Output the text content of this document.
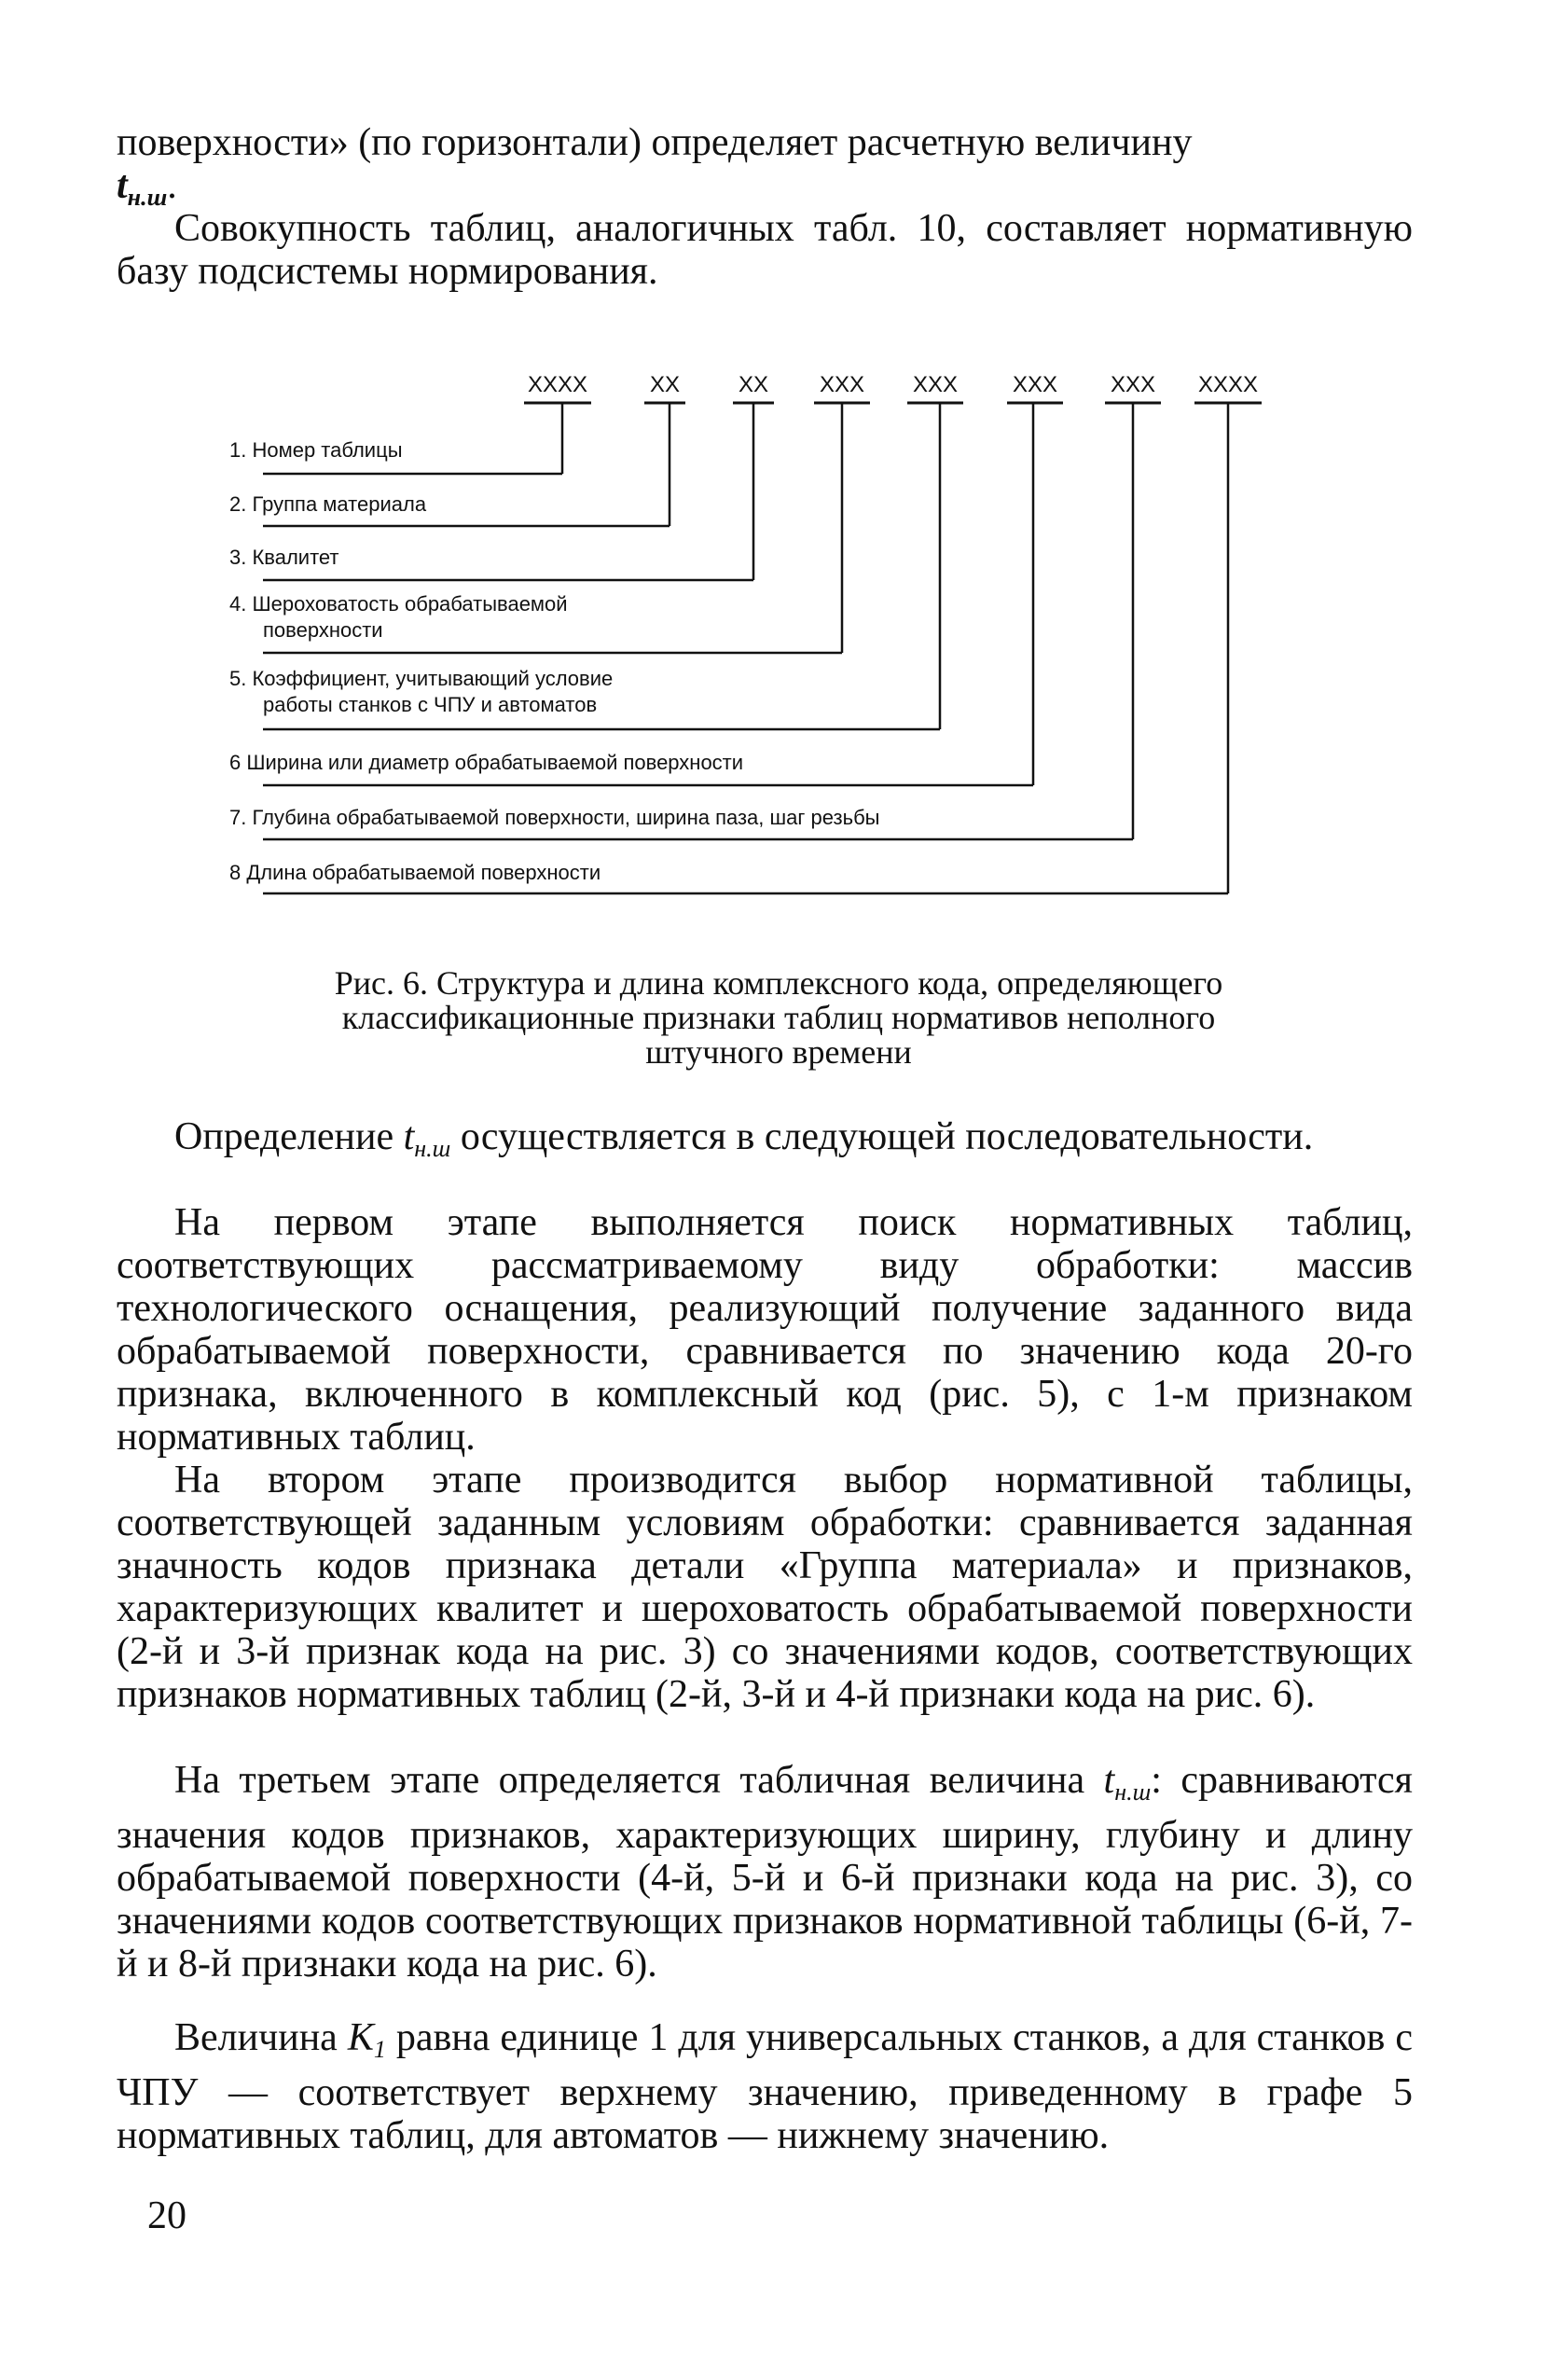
поверхности» (по горизонтали) определяет расчетную величину
$t_{н.ш}$.

Совокупность таблиц, аналогичных табл. 10, составляет нормативную базу подсистемы нормирования.

XXXX	XX	XX XXX XXX XXX XXX XXXX
1. Номер таблицы
2. Группа материала
3. Квалитет
4. Шероховатость обрабатываемой
поверхности
5. Коэффициент, учитывающий условие
работы станков с ЧПУ и автоматов
6 Ширина или диаметр обрабатываемой поверхности
7. Глубина обрабатываемой поверхности, ширина паза, шаг резьбы
8 Длина обрабатываемой поверхности

Рис. 6. Структура и длина комплексного кода, определяющего
классификационные признаки таблиц нормативов неполного
штучного времени

Определение $t_{н.ш}$ осуществляется в следующей последовательности.

На первом этапе выполняется поиск нормативных таблиц, соответствующих рассматриваемому виду обработки: массив технологического оснащения, реализующий получение заданного вида обрабатываемой поверхности, сравнивается по значению кода 20-го признака, включенного в комплексный код (рис. 5), с 1-м признаком нормативных таблиц.

На втором этапе производится выбор нормативной таблицы, соответствующей заданным условиям обработки: сравнивается заданная значность кодов признака детали «Группа материала» и признаков, характеризующих квалитет и шероховатость обрабатываемой поверхности (2-й и 3-й признак кода на рис. 3) со значениями кодов, соответствующих признаков нормативных таблиц (2-й, 3-й и 4-й признаки кода на рис. 6).

На третьем этапе определяется табличная величина $t_{н.ш}$: сравниваются значения кодов признаков, характеризующих ширину, глубину и длину обрабатываемой поверхности (4-й, 5-й и 6-й признаки кода на рис. 3), со значениями кодов соответствующих признаков нормативной таблицы (6-й, 7-й и 8-й признаки кода на рис. 6).

Величина $K_1$ равна единице 1 для универсальных станков, а для станков с ЧПУ — соответствует верхнему значению, приведенному в графе 5 нормативных таблиц, для автоматов — нижнему значению.

20
